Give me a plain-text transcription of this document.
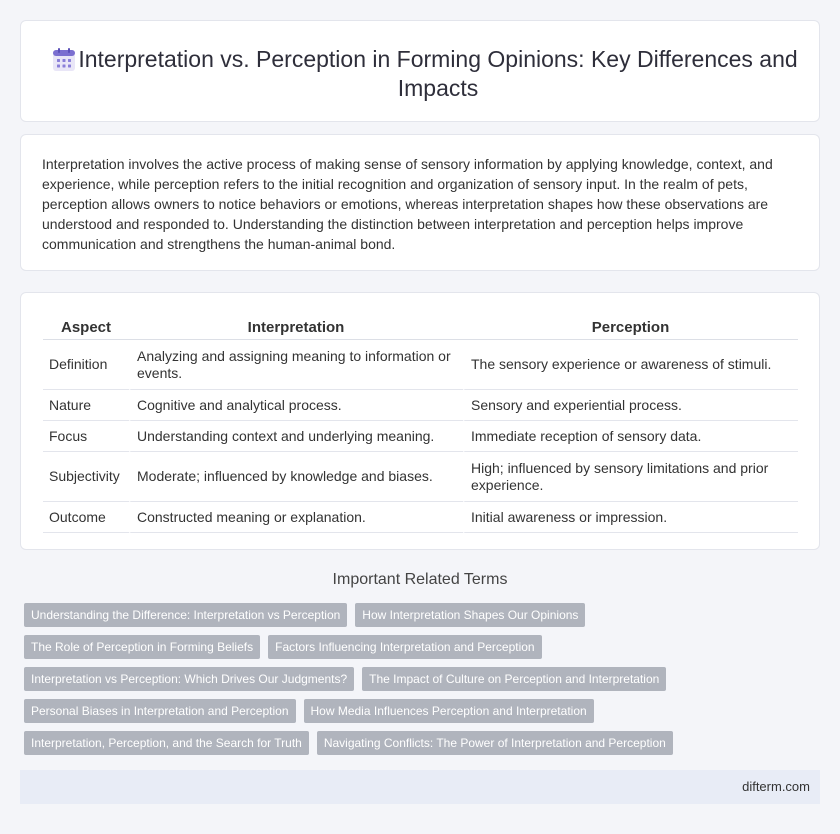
Interpretation vs. Perception in Forming Opinions: Key Differences and Impacts

Interpretation involves the active process of making sense of sensory information by applying knowledge, context, and experience, while perception refers to the initial recognition and organization of sensory input. In the realm of pets, perception allows owners to notice behaviors or emotions, whereas interpretation shapes how these observations are understood and responded to. Understanding the distinction between interpretation and perception helps improve communication and strengthens the human-animal bond.

Aspect	Interpretation	Perception
Definition	Analyzing and assigning meaning to information or events.	The sensory experience or awareness of stimuli.
Nature	Cognitive and analytical process.	Sensory and experiential process.
Focus	Understanding context and underlying meaning.	Immediate reception of sensory data.
Subjectivity	Moderate; influenced by knowledge and biases.	High; influenced by sensory limitations and prior experience.
Outcome	Constructed meaning or explanation.	Initial awareness or impression.
Important Related Terms
Understanding the Difference: Interpretation vs Perception	How Interpretation Shapes Our Opinions
The Role of Perception in Forming Beliefs	Factors Influencing Interpretation and Perception
Interpretation vs Perception: Which Drives Our Judgments?	The Impact of Culture on Perception and Interpretation
Personal Biases in Interpretation and Perception	How Media Influences Perception and Interpretation
Interpretation, Perception, and the Search for Truth	Navigating Conflicts: The Power of Interpretation and Perception
difterm.com
